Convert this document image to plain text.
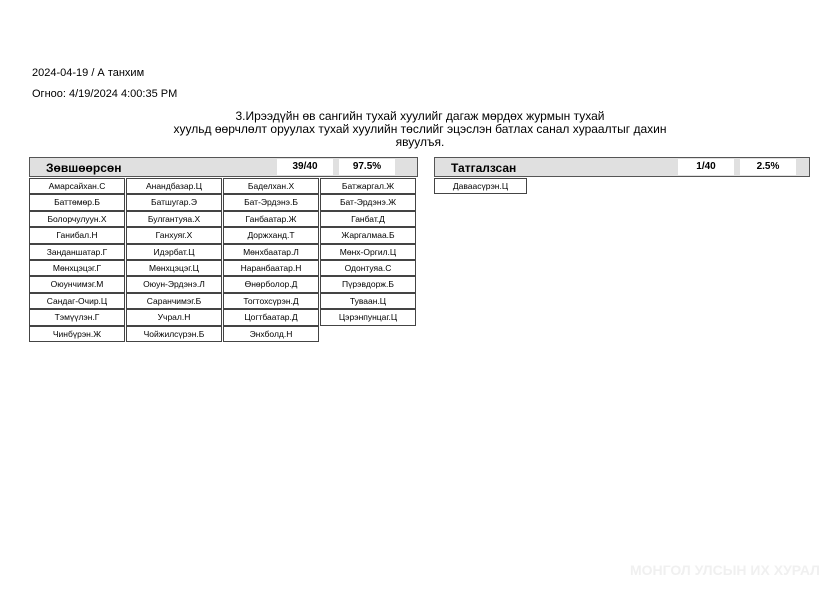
2024-04-19 / А танхим
Огноо: 4/19/2024 4:00:35 PM
3.Ирээдүйн өв сангийн тухай хуулийг дагаж мөрдөх журмын тухай
хуульд өөрчлөлт оруулах тухай хуулийн төслийг эцэслэн батлах санал хураалтыг дахин
явуулъя.
Зөвшөөрсөн	39/40	97.5%
Амарсайхан.С	Анандбазар.Ц	Баделхан.Х	Батжаргал.Ж
Баттөмөр.Б	Батшугар.Э	Бат-Эрдэнэ.Б	Бат-Эрдэнэ.Ж
Болорчулуун.Х	Булгантуяа.Х	Ганбаатар.Ж	Ганбат.Д
Ганибал.Н	Ганхуяг.Х	Доржханд.Т	Жаргалмаа.Б
Занданшатар.Г	Идэрбат.Ц	Мөнхбаатар.Л	Мөнх-Оргил.Ц
Мөнхцэцэг.Г	Мөнхцэцэг.Ц	Наранбаатар.Н	Одонтуяа.С
Оюунчимэг.М	Оюун-Эрдэнэ.Л	Өнөрболор.Д	Пүрэвдорж.Б
Сандаг-Очир.Ц	Саранчимэг.Б	Тогтохсүрэн.Д	Туваан.Ц
Тэмүүлэн.Г	Учрал.Н	Цогтбаатар.Д	Цэрэнпунцаг.Ц
Чинбүрэн.Ж	Чойжилсүрэн.Б	Энхболд.Н
Татгалзсан	1/40	2.5%
Даваасүрэн.Ц
МОНГОЛ УЛСЫН ИХ ХУРАЛ
